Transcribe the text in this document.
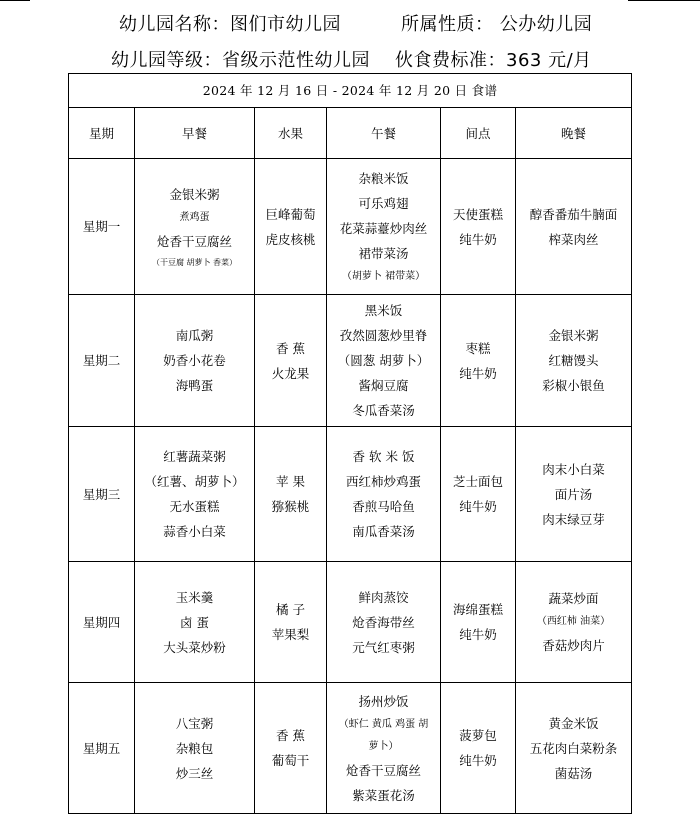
幼儿园名称：图们市幼儿园	所属性质： 公办幼儿园
幼儿园等级：省级示范性幼儿园 伙食费标准：363 元/月
2024 年 12 月 16 日 - 2024 年 12 月 20 日 食谱					
星期	早餐	水果	午餐	间点	晚餐
星期一	金银米粥
煮鸡蛋
炝香干豆腐丝
（干豆腐 胡萝卜 香菜）	巨峰葡萄
虎皮核桃	杂粮米饭
可乐鸡翅
花菜蒜薹炒肉丝
裙带菜汤
（胡萝卜 裙带菜）	天使蛋糕
纯牛奶	醇香番茄牛腩面
榨菜肉丝

星期二	南瓜粥
奶香小花卷
海鸭蛋	香 蕉
火龙果	黑米饭
孜然圆葱炒里脊
（圆葱 胡萝卜）
酱焖豆腐
冬瓜香菜汤	枣糕
纯牛奶	金银米粥
红糖馒头
彩椒小银鱼

星期三	红薯蔬菜粥
（红薯、胡萝卜）
无水蛋糕
蒜香小白菜	苹 果
猕猴桃	香 软 米 饭
西红柿炒鸡蛋
香煎马哈鱼
南瓜香菜汤	芝士面包
纯牛奶	肉末小白菜
面片汤
肉末绿豆芽

星期四	玉米羹
卤 蛋
大头菜炒粉	橘 子
苹果梨	鲜肉蒸饺
炝香海带丝
元气红枣粥	海绵蛋糕
纯牛奶	蔬菜炒面
（西红柿 油菜）
香菇炒肉片

星期五	八宝粥
杂粮包
炒三丝	香 蕉
葡萄干	扬州炒饭
（虾仁 黄瓜 鸡蛋 胡
萝卜）
炝香干豆腐丝
紫菜蛋花汤	菠萝包
纯牛奶	黄金米饭
五花肉白菜粉条
菌菇汤
